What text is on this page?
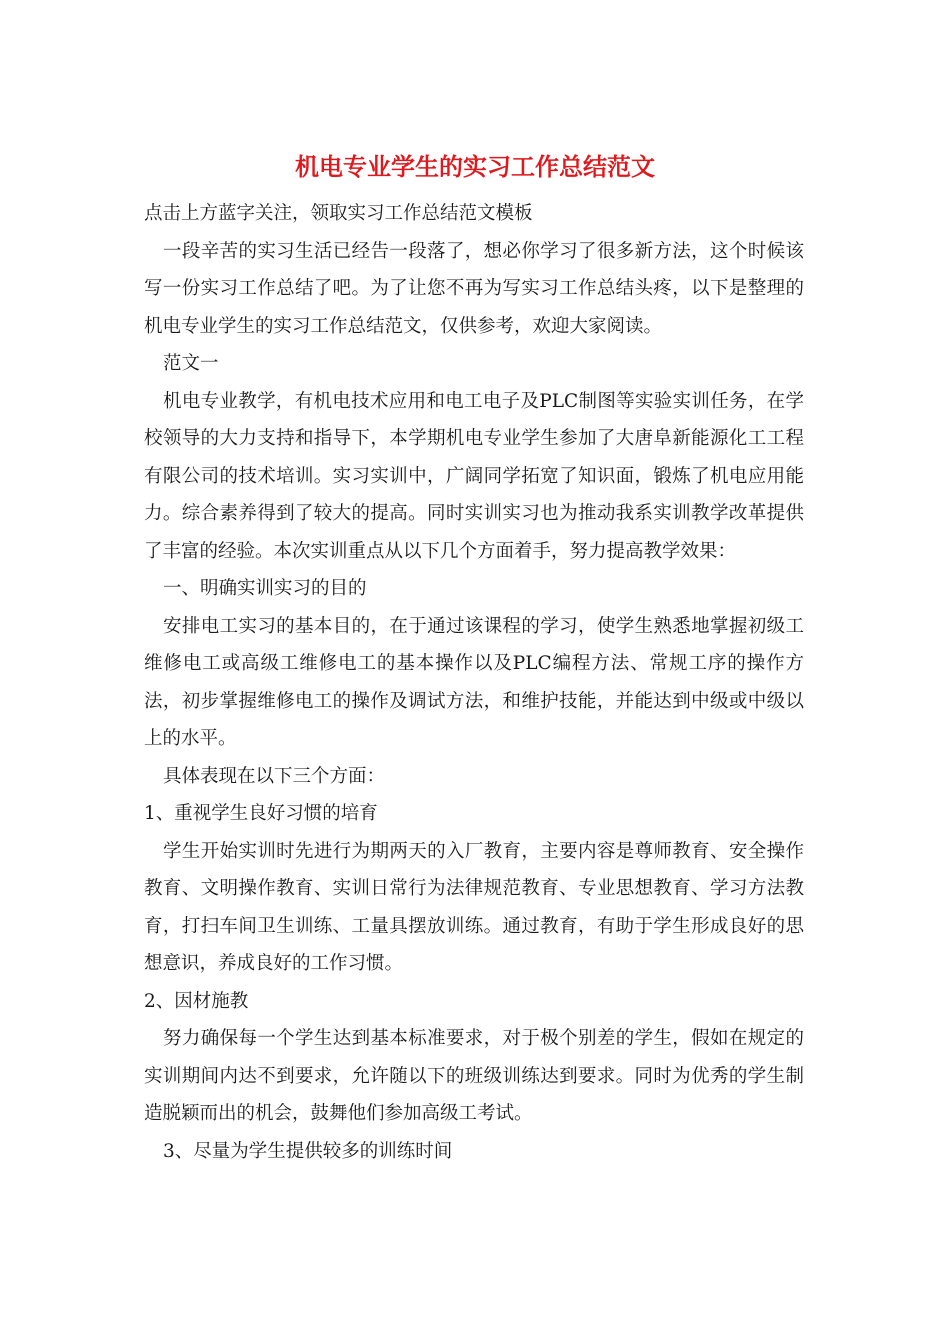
机电专业学生的实习工作总结范文

点击上方蓝字关注，领取实习工作总结范文模板

一段辛苦的实习生活已经告一段落了，想必你学习了很多新方法，这个时候该写一份实习工作总结了吧。为了让您不再为写实习工作总结头疼，以下是整理的机电专业学生的实习工作总结范文，仅供参考，欢迎大家阅读。

范文一

机电专业教学，有机电技术应用和电工电子及PLC制图等实验实训任务，在学校领导的大力支持和指导下，本学期机电专业学生参加了大唐阜新能源化工工程有限公司的技术培训。实习实训中，广阔同学拓宽了知识面，锻炼了机电应用能力。综合素养得到了较大的提高。同时实训实习也为推动我系实训教学改革提供了丰富的经验。本次实训重点从以下几个方面着手，努力提高教学效果：

一、明确实训实习的目的

安排电工实习的基本目的，在于通过该课程的学习，使学生熟悉地掌握初级工维修电工或高级工维修电工的基本操作以及PLC编程方法、常规工序的操作方法，初步掌握维修电工的操作及调试方法，和维护技能，并能达到中级或中级以上的水平。

具体表现在以下三个方面：

1、重视学生良好习惯的培育

学生开始实训时先进行为期两天的入厂教育，主要内容是尊师教育、安全操作教育、文明操作教育、实训日常行为法律规范教育、专业思想教育、学习方法教育，打扫车间卫生训练、工量具摆放训练。通过教育，有助于学生形成良好的思想意识，养成良好的工作习惯。

2、因材施教

努力确保每一个学生达到基本标准要求，对于极个别差的学生，假如在规定的实训期间内达不到要求，允许随以下的班级训练达到要求。同时为优秀的学生制造脱颖而出的机会，鼓舞他们参加高级工考试。

3、尽量为学生提供较多的训练时间
